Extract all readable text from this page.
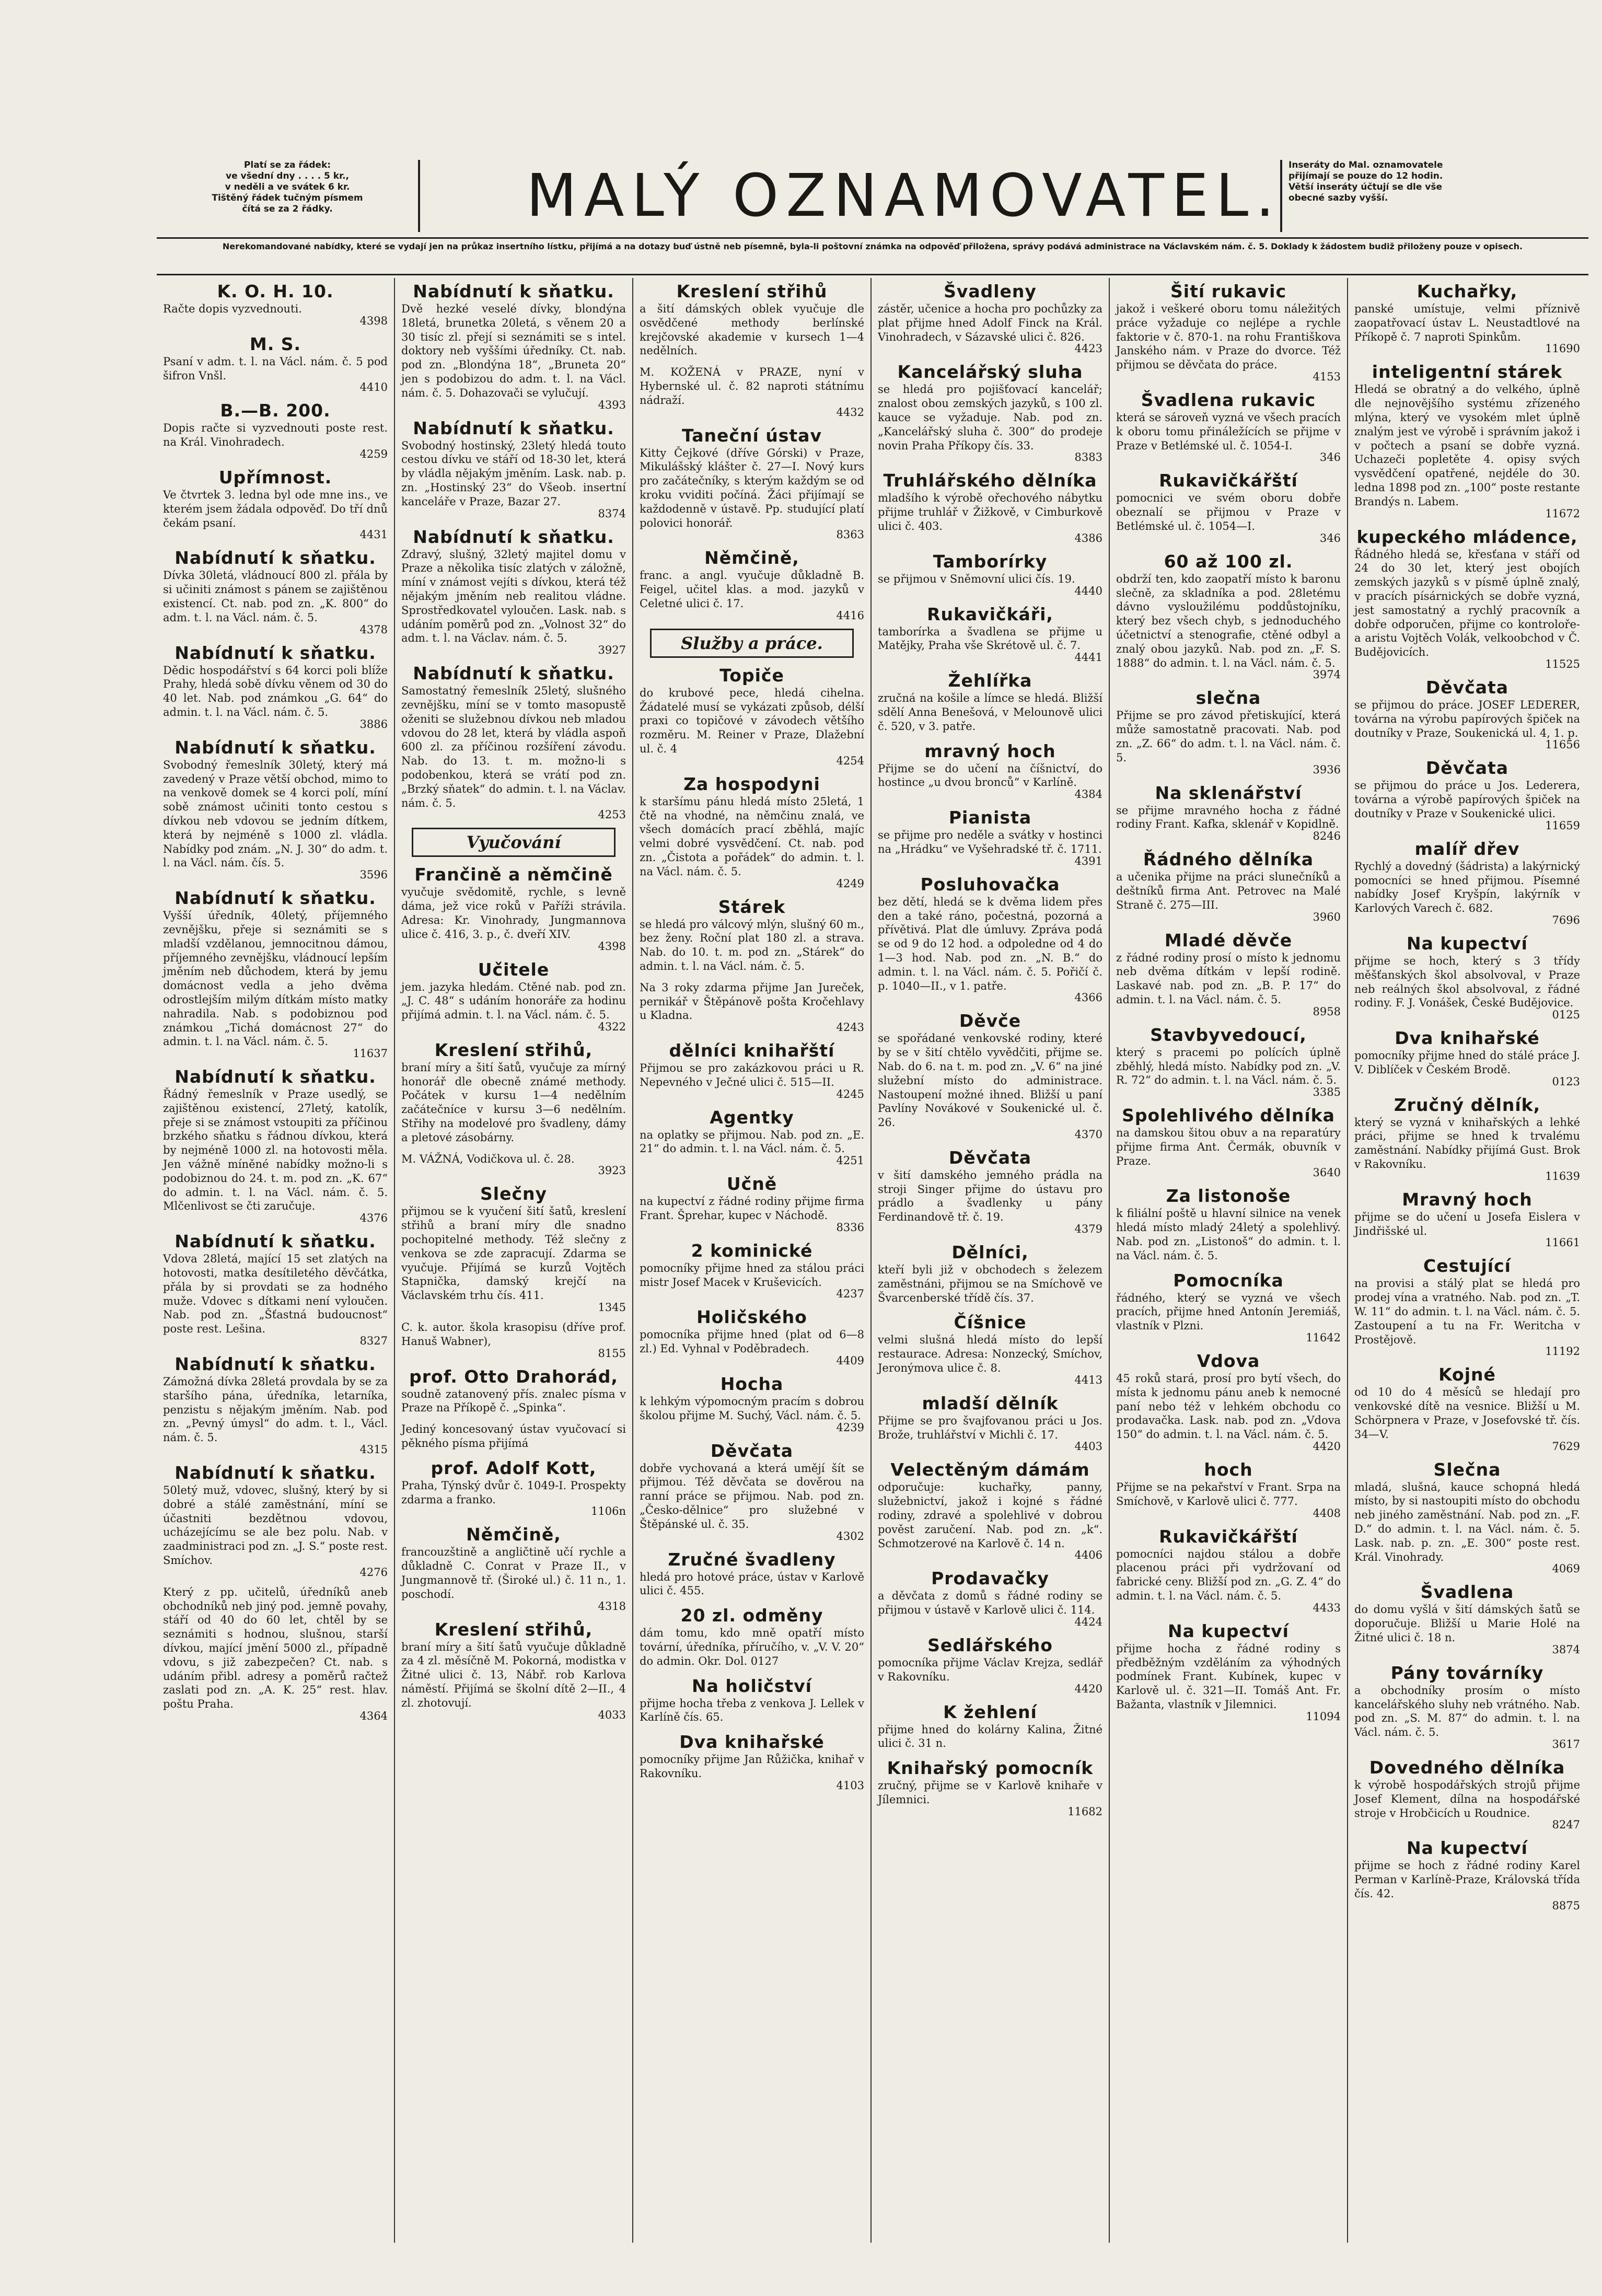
Platí se za řádek:
ve všední dny . . . . 5 kr.,
v neděli a ve svátek 6 kr.
Tištěný řádek tučným písmem
čítá se za 2 řádky.	MALÝ OZNAMOVATEL. Inseráty do Mal. oznamovatele
přijímají se pouze do 12 hodin.
Větší inseráty účtují se dle vše
obecné sazby vyšší.
Nerekomandované nabídky, které se vydají jen na průkaz insertního lístku, přijímá a na dotazy buď ústně neb písemně, byla-li poštovní známka na odpověď přiložena, správy podává administrace na Václavském nám. č. 5. Doklady k žádostem budiž přiloženy pouze v opisech.
K. O. H. 10.
Račte dopis vyzvednouti.
4398
M. S.
Psaní v adm. t. l. na Václ. nám. č. 5 pod šifron Vnšl.
4410
B.—B. 200.
Dopis račte si vyzvednouti poste rest. na Král. Vinohradech.
4259
Upřímnost.
Ve čtvrtek 3. ledna byl ode mne ins., ve kterém jsem žádala odpověď. Do tří dnů čekám psaní.
4431
Nabídnutí k sňatku.
Dívka 30letá, vládnoucí 800 zl. přála by si učiniti známost s pánem se zajištěnou existencí. Ct. nab. pod zn. „K. 800“ do adm. t. l. na Václ. nám. č. 5.
4378
Nabídnutí k sňatku.
Dědic hospodářství s 64 korci poli blíže Prahy, hledá sobě dívku věnem od 30 do 40 let. Nab. pod známkou „G. 64“ do admin. t. l. na Václ. nám. č. 5.
3886
Nabídnutí k sňatku.
Svobodný řemeslník 30letý, který má zavedený v Praze větší obchod, mimo to na venkově domek se 4 korci polí, míní sobě známost učiniti tonto cestou s dívkou neb vdovou se jedním dítkem, která by nejméně s 1000 zl. vládla. Nabídky pod znám. „N. J. 30“ do adm. t. l. na Václ. nám. čís. 5.
3596
Nabídnutí k sňatku.
Vyšší úředník, 40letý, příjemného zevnějšku, přeje si seznámiti se s mladší vzdělanou, jemnocitnou dámou, příjemného zevnějšku, vládnoucí lepším jměním neb důchodem, která by jemu domácnost vedla a jeho dvěma odrostlejším milým dítkám místo matky nahradila. Nab. s podobiznou pod známkou „Tichá domácnost 27“ do admin. t. l. na Václ. nám. č. 5.
11637
Nabídnutí k sňatku.
Řádný řemeslník v Praze usedlý, se zajištěnou existencí, 27letý, katolík, přeje si se známost vstoupiti za příčinou brzkého sňatku s řádnou dívkou, která by nejméně 1000 zl. na hotovosti měla. Jen vážně míněné nabídky možno-li s podobiznou do 24. t. m. pod zn. „K. 67“ do admin. t. l. na Václ. nám. č. 5. Mlčenlivost se čti zaručuje.
4376
Nabídnutí k sňatku.
Vdova 28letá, mající 15 set zlatých na hotovosti, matka desítiletého děvčátka, přála by si provdati se za hodného muže. Vdovec s dítkami není vyloučen. Nab. pod zn. „Šťastná budoucnost“ poste rest. Lešina.
8327
Nabídnutí k sňatku.
Zámožná dívka 28letá provdala by se za staršího pána, úředníka, letarníka, penzistu s nějakým jměním. Nab. pod zn. „Pevný úmysl“ do adm. t. l., Václ. nám. č. 5.
4315
Nabídnutí k sňatku.
50letý muž, vdovec, slušný, který by si dobré a stálé zaměstnání, míní se účastniti bezdětnou vdovou, ucházejícímu se ale bez polu. Nab. v zaadministraci pod zn. „J. S.“ poste rest. Smíchov.
4276
Který z pp. učitelů, úředníků aneb obchodníků neb jiný pod. jemně povahy, stáří od 40 do 60 let, chtěl by se seznámiti s hodnou, slušnou, starší dívkou, mající jmění 5000 zl., případně vdovu, s již zabezpečen? Ct. nab. s udáním přibl. adresy a poměrů račtež zaslati pod zn. „A. K. 25“ rest. hlav. poštu Praha.
4364
Nabídnutí k sňatku.
Dvě hezké veselé dívky, blondýna 18letá, brunetka 20letá, s věnem 20 a 30 tisíc zl. přejí si seznámiti se s intel. doktory neb vyššími úředníky. Ct. nab. pod zn. „Blondýna 18“, „Bruneta 20“ jen s podobizou do adm. t. l. na Václ. nám. č. 5. Dohazovači se vylučují.
4393
Nabídnutí k sňatku.
Svobodný hostinský, 23letý hledá touto cestou dívku ve stáří od 18-30 let, která by vládla nějakým jměním. Lask. nab. p. zn. „Hostinský 23“ do Všeob. insertní kanceláře v Praze, Bazar 27.
8374
Nabídnutí k sňatku.
Zdravý, slušný, 32letý majitel domu v Praze a několika tisíc zlatých v záložně, míní v známost vejíti s dívkou, která též nějakým jměním neb realitou vládne. Sprostředkovatel vyloučen. Lask. nab. s udáním poměrů pod zn. „Volnost 32“ do adm. t. l. na Václav. nám. č. 5.
3927
Nabídnutí k sňatku.
Samostatný řemeslník 25letý, slušného zevnějšku, míní se v tomto masopustě oženiti se služebnou dívkou neb mladou vdovou do 28 let, která by vládla aspoň 600 zl. za příčinou rozšíření závodu. Nab. do 13. t. m. možno-li s podobenkou, která se vrátí pod zn. „Brzký sňatek“ do admin. t. l. na Václav. nám. č. 5.
4253
Vyučování
Frančině a němčině
vyučuje svědomitě, rychle, s levně dáma, jež vice roků v Paříži strávila. Adresa: Kr. Vinohrady, Jungmannova ulice č. 416, 3. p., č. dveří XIV.
4398
Učitele
jem. jazyka hledám. Ctěné nab. pod zn. „J. C. 48“ s udáním honoráře za hodinu přijímá admin. t. l. na Václ. nám. č. 5.
4322
Kreslení střihů,
braní míry a šití šatů, vyučuje za mírný honorář dle obecně známé methody. Počátek v kursu 1—4 nedělním začátečníce v kursu 3—6 nedělním. Střihy na modelové pro švadleny, dámy a pletové zásobárny.
M. VÁŽNÁ, Vodičkova ul. č. 28.
3923
Slečny
přijmou se k vyučení šití šatů, kreslení střihů a braní míry dle snadno pochopitelné methody. Též slečny z venkova se zde zapracují. Zdarma se vyučuje. Přijímá se kurzů Vojtěch Stapnička, damský krejčí na Václavském trhu čís. 411.
1345
C. k. autor. škola krasopisu (dříve prof. Hanuš Wabner),
8155
prof. Otto Drahorád,
soudně zatanovený přís. znalec písma v Praze na Příkopě č. „Spinka“.
Jediný koncesovaný ústav vyučovací si pěkného písma přijímá
prof. Adolf Kott,
Praha, Týnský dvůr č. 1049-I. Prospekty zdarma a franko.
1106n
Němčině,
francouzštině a angličtině učí rychle a důkladně C. Conrat v Praze II., v Jungmannově tř. (Široké ul.) č. 11 n., 1. poschodí.
4318
Kreslení střihů,
braní míry a šití šatů vyučuje důkladně za 4 zl. měsíčně M. Pokorná, modistka v Žitné ulici č. 13, Nábř. rob Karlova náměstí. Přijímá se školní dítě 2—II., 4 zl. zhotovují.
4033
Kreslení střihů
a šití dámských oblek vyučuje dle osvědčené methody berlínské krejčovské akademie v kursech 1—4 nedělních.
M. KOŽENÁ v PRAZE, nyní v Hybernské ul. č. 82 naproti státnímu nádraží.
4432
Taneční ústav
Kitty Čejkové (dříve Górski) v Praze, Mikulášský klášter č. 27—I. Nový kurs pro začátečníky, s kterým každým se od kroku vviditi počíná. Žáci přijímají se každodenně v ústavě. Pp. studující platí polovici honorář.
8363
Němčině,
franc. a angl. vyučuje důkladně B. Feigel, učitel klas. a mod. jazyků v Celetné ulici č. 17.
4416
Služby a práce.
Topiče
do krubové pece, hledá cihelna. Žádatelé musí se vykázati způsob, délší praxi co topičové v závodech většího rozměru. M. Reiner v Praze, Dlažební ul. č. 4
4254
Za hospodyni
k staršímu pánu hledá místo 25letá, 1 čtě na vhodné, na němčinu znalá, ve všech domácích prací zběhlá, majíc velmi dobré vysvědčení. Ct. nab. pod zn. „Čistota a pořádek“ do admin. t. l. na Václ. nám. č. 5.
4249
Stárek
se hledá pro válcový mlýn, slušný 60 m., bez ženy. Roční plat 180 zl. a strava. Nab. do 10. t. m. pod zn. „Stárek“ do admin. t. l. na Václ. nám. č. 5.
Na 3 roky zdarma přijme Jan Jureček, pernikář v Štěpánově pošta Kročehlavy u Kladna.
4243
dělníci knihařští
Přijmou se pro zakázkovou práci u R. Nepevného v Ječné ulici č. 515—II.
4245
Agentky
na oplatky se přijmou. Nab. pod zn. „E. 21“ do admin. t. l. na Václ. nám. č. 5.
4251
Učně
na kupectví z řádné rodiny přijme firma Frant. Šprehar, kupec v Náchodě.
8336
2 kominické
pomocníky přijme hned za stálou práci mistr Josef Macek v Kruševicích.
4237
Holičského
pomocníka přijme hned (plat od 6—8 zl.) Ed. Vyhnal v Poděbradech.
4409
Hocha
k lehkým výpomocným pracím s dobrou školou přijme M. Suchý, Václ. nám. č. 5.
4239
Děvčata
dobře vychovaná a která umějí šít se přijmou. Též děvčata se dověrou na ranní práce se přijmou. Nab. pod zn. „Česko-dělnice“ pro služebné v Štěpánské ul. č. 35.
4302
Zručné švadleny
hledá pro hotové práce, ústav v Karlově ulici č. 455.
20 zl. odměny
dám tomu, kdo mně opatří místo tovární, úředníka, příručího, v. „V. V. 20“ do admin. Okr. Dol. 0127
Na holičství
přijme hocha třeba z venkova J. Lellek v Karlíně čís. 65.
Dva knihařské
pomocníky přijme Jan Růžička, knihař v Rakovníku.
4103
Švadleny
zástěr, učenice a hocha pro pochůzky za plat přijme hned Adolf Finck na Král. Vinohradech, v Sázavské ulici č. 826.
4423
Kancelářský sluha
se hledá pro pojišťovací kancelář; znalost obou zemských jazyků, s 100 zl. kauce se vyžaduje. Nab. pod zn. „Kancelářský sluha č. 300“ do prodeje novin Praha Příkopy čís. 33.
8383
Truhlářského dělníka
mladšího k výrobě ořechového nábytku přijme truhlář v Žižkově, v Cimburkově ulici č. 403.
4386
Tamborírky
se přijmou v Sněmovní ulici čís. 19.
4440
Rukavičkáři,
tamborírka a švadlena se přijme u Matějky, Praha vše Skrétově ul. č. 7.
4441
Žehlířka
zručná na košile a límce se hledá. Bližší sdělí Anna Benešová, v Melounově ulici č. 520, v 3. patře.
mravný hoch
Přijme se do učení na číšnictví, do hostince „u dvou bronců“ v Karlíně.
4384
Pianista
se přijme pro neděle a svátky v hostinci na „Hrádku“ ve Vyšehradské tř. č. 1711.
4391
Posluhovačka
bez dětí, hledá se k dvěma lidem přes den a také ráno, počestná, pozorná a přívětivá. Plat dle úmluvy. Zpráva podá se od 9 do 12 hod. a odpoledne od 4 do 1—3 hod. Nab. pod zn. „N. B.“ do admin. t. l. na Václ. nám. č. 5. Pořičí č. p. 1040—II., v 1. patře.
4366
Děvče
se spořádané venkovské rodiny, které by se v šití chtělo vyvědčiti, přijme se. Nab. do 6. na t. m. pod zn. „V. 6“ na jiné služební místo do administrace. Nastoupení možné ihned. Bližší u paní Pavlíny Novákové v Soukenické ul. č. 26.
4370
Děvčata
v šití damského jemného prádla na stroji Singer přijme do ústavu pro prádlo a švadlenky u pány Ferdinandově tř. č. 19.
4379
Dělníci,
kteří byli již v obchodech s železem zaměstnáni, přijmou se na Smíchově ve Švarcenberské třídě čís. 37.
Číšnice
velmi slušná hledá místo do lepší restaurace. Adresa: Nonzecký, Smíchov, Jeronýmova ulice č. 8.
4413
mladší dělník
Přijme se pro švajfovanou práci u Jos. Brože, truhlářství v Michli č. 17.
4403
Velectěným dámám
odporučuje: kuchařky, panny, služebnictví, jakož i kojné s řádné rodiny, zdravé a spolehlivé v dobrou pověst zaručení. Nab. pod zn. „k“. Schmotzerové na Karlově č. 14 n.
4406
Prodavačky
a děvčata z domů s řádné rodiny se přijmou v ústavě v Karlově ulici č. 114.
4424
Sedlářského
pomocníka přijme Václav Krejza, sedlář v Rakovníku.
4420
K žehlení
přijme hned do kolárny Kalina, Žitné ulici č. 31 n.
Knihařský pomocník
zručný, přijme se v Karlově knihaře v Jílemnici.
11682
Šití rukavic
jakož i veškeré oboru tomu náležitých práce vyžaduje co nejlépe a rychle faktorie v č. 870-1. na rohu Františkova Janského nám. v Praze do dvorce. Též přijmou se děvčata do práce.
4153
Švadlena rukavic
která se sároveň vyzná ve všech pracích k oboru tomu přináležících se přijme v Praze v Betlémské ul. č. 1054-I.
346
Rukavičkářští
pomocnici ve svém oboru dobře obeznalí se přijmou v Praze v Betlémské ul. č. 1054—I.
346
60 až 100 zl.
obdrží ten, kdo zaopatří místo k baronu slečně, za skladníka a pod. 28letému dávno vysloužilému poddůstojníku, který bez všech chyb, s jednoduchého účetnictví a stenografie, ctěné odbyl a znalý obou jazyků. Nab. pod zn. „F. S. 1888“ do admin. t. l. na Václ. nám. č. 5.
3974
slečna
Přijme se pro závod přetiskující, která může samostatně pracovati. Nab. pod zn. „Z. 66“ do adm. t. l. na Václ. nám. č. 5.
3936
Na sklenářství
se přijme mravného hocha z řádné rodiny Frant. Kafka, sklenář v Kopidlně.
8246
Řádného dělníka
a učenika přijme na práci slunečníků a deštníků firma Ant. Petrovec na Malé Straně č. 275—III.
3960
Mladé děvče
z řádné rodiny prosí o místo k jednomu neb dvěma dítkám v lepší rodině. Laskavé nab. pod zn. „B. P. 17“ do admin. t. l. na Václ. nám. č. 5.
8958
Stavbyvedoucí,
který s pracemi po polících úplně zběhlý, hledá místo. Nabídky pod zn. „V. R. 72“ do admin. t. l. na Václ. nám. č. 5.
3385
Spolehlivého dělníka
na damskou šitou obuv a na reparatúry přijme firma Ant. Čermák, obuvník v Praze.
3640
Za listonoše
k filiální poště u hlavní silnice na venek hledá místo mladý 24letý a spolehlivý. Nab. pod zn. „Listonoš“ do admin. t. l. na Václ. nám. č. 5.
Pomocníka
řádného, který se vyzná ve všech pracích, přijme hned Antonín Jeremiáš, vlastník v Plzni.
11642
Vdova
45 roků stará, prosí pro bytí všech, do místa k jednomu pánu aneb k nemocné paní nebo též v lehkém obchodu co prodavačka. Lask. nab. pod zn. „Vdova 150“ do admin. t. l. na Václ. nám. č. 5.
4420
hoch
Přijme se na pekařství v Frant. Srpa na Smíchově, v Karlově ulici č. 777.
4408
Rukavičkářští
pomocníci najdou stálou a dobře placenou práci při vydržovaní od fabrické ceny. Bližší pod zn. „G. Z. 4“ do admin. t. l. na Václ. nám. č. 5.
4433
Na kupectví
přijme hocha z řádné rodiny s předběžným vzděláním za výhodných podmínek Frant. Kubínek, kupec v Karlově ul. č. 321—II. Tomáš Ant. Fr. Bažanta, vlastník v Jilemnici.
11094
Kuchařky,
panské umístuje, velmi příznivě zaopatřovací ústav L. Neustadtlové na Příkopě č. 7 naproti Spinkům.
11690
inteligentní stárek
Hledá se obratný a do velkého, úplně dle nejnovějšího systému zřízeného mlýna, který ve vysokém mlet úplně znalým jest ve výrobě i správním jakož i v počtech a psaní se dobře vyzná. Uchazeči popletěte 4. opisy svých vysvědčení opatřené, nejdéle do 30. ledna 1898 pod zn. „100“ poste restante Brandýs n. Labem.
11672
kupeckého mládence,
Řádného hledá se, křesťana v stáří od 24 do 30 let, který jest obojích zemských jazyků s v písmě úplně znalý, v pracích písárnických se dobře vyzná, jest samostatný a rychlý pracovník a dobře odporučen, přijme co kontroloře-a aristu Vojtěch Volák, velkoobchod v Č. Budějovicích.
11525
Děvčata
se přijmou do práce. JOSEF LEDERER, továrna na výrobu papírových špiček na doutníky v Praze, Soukenická ul. 4, 1. p.
11656
Děvčata
se přijmou do práce u Jos. Lederera, továrna a výrobě papírových špiček na doutníky v Praze v Soukenické ulici.
11659
malíř dřev
Rychlý a dovedný (šádrista) a lakýrnický pomocníci se hned přijmou. Písemné nabídky Josef Kryšpín, lakýrník v Karlových Varech č. 682.
7696
Na kupectví
přijme se hoch, který s 3 třídy měšťanských škol absolvoval, v Praze neb reálných škol absolvoval, z řádné rodiny. F. J. Vonášek, České Budějovice.
0125
Dva knihařské
pomocníky přijme hned do stálé práce J. V. Diblíček v Českém Brodě.
0123
Zručný dělník,
který se vyzná v knihařských a lehké práci, přijme se hned k trvalému zaměstnání. Nabídky přijímá Gust. Brok v Rakovníku.
11639
Mravný hoch
přijme se do učení u Josefa Eislera v Jindřišské ul.
11661
Cestující
na provisi a stálý plat se hledá pro prodej vína a vratného. Nab. pod zn. „T. W. 11“ do admin. t. l. na Václ. nám. č. 5. Zastoupení a tu na Fr. Weritcha v Prostějově.
11192
Kojné
od 10 do 4 měsíců se hledají pro venkovské dítě na vesnice. Bližší u M. Schörpnera v Praze, v Josefovské tř. čís. 34—V.
7629
Slečna
mladá, slušná, kauce schopná hledá místo, by si nastoupiti místo do obchodu neb jiného zaměstnání. Nab. pod zn. „F. D.“ do admin. t. l. na Václ. nám. č. 5. Lask. nab. p. zn. „E. 300“ poste rest. Král. Vinohrady.
4069
Švadlena
do domu vyšlá v šití dámských šatů se doporučuje. Bližší u Marie Holé na Žitné ulici č. 18 n.
3874
Pány továrníky
a obchodníky prosím o místo kancelářského sluhy neb vrátného. Nab. pod zn. „S. M. 87“ do admin. t. l. na Václ. nám. č. 5.
3617
Dovedného dělníka
k výrobě hospodářských strojů přijme Josef Klement, dílna na hospodářské stroje v Hrobčicích u Roudnice.
8247
Na kupectví
přijme se hoch z řádné rodiny Karel Perman v Karlíně-Praze, Královská třída čís. 42.
8875
